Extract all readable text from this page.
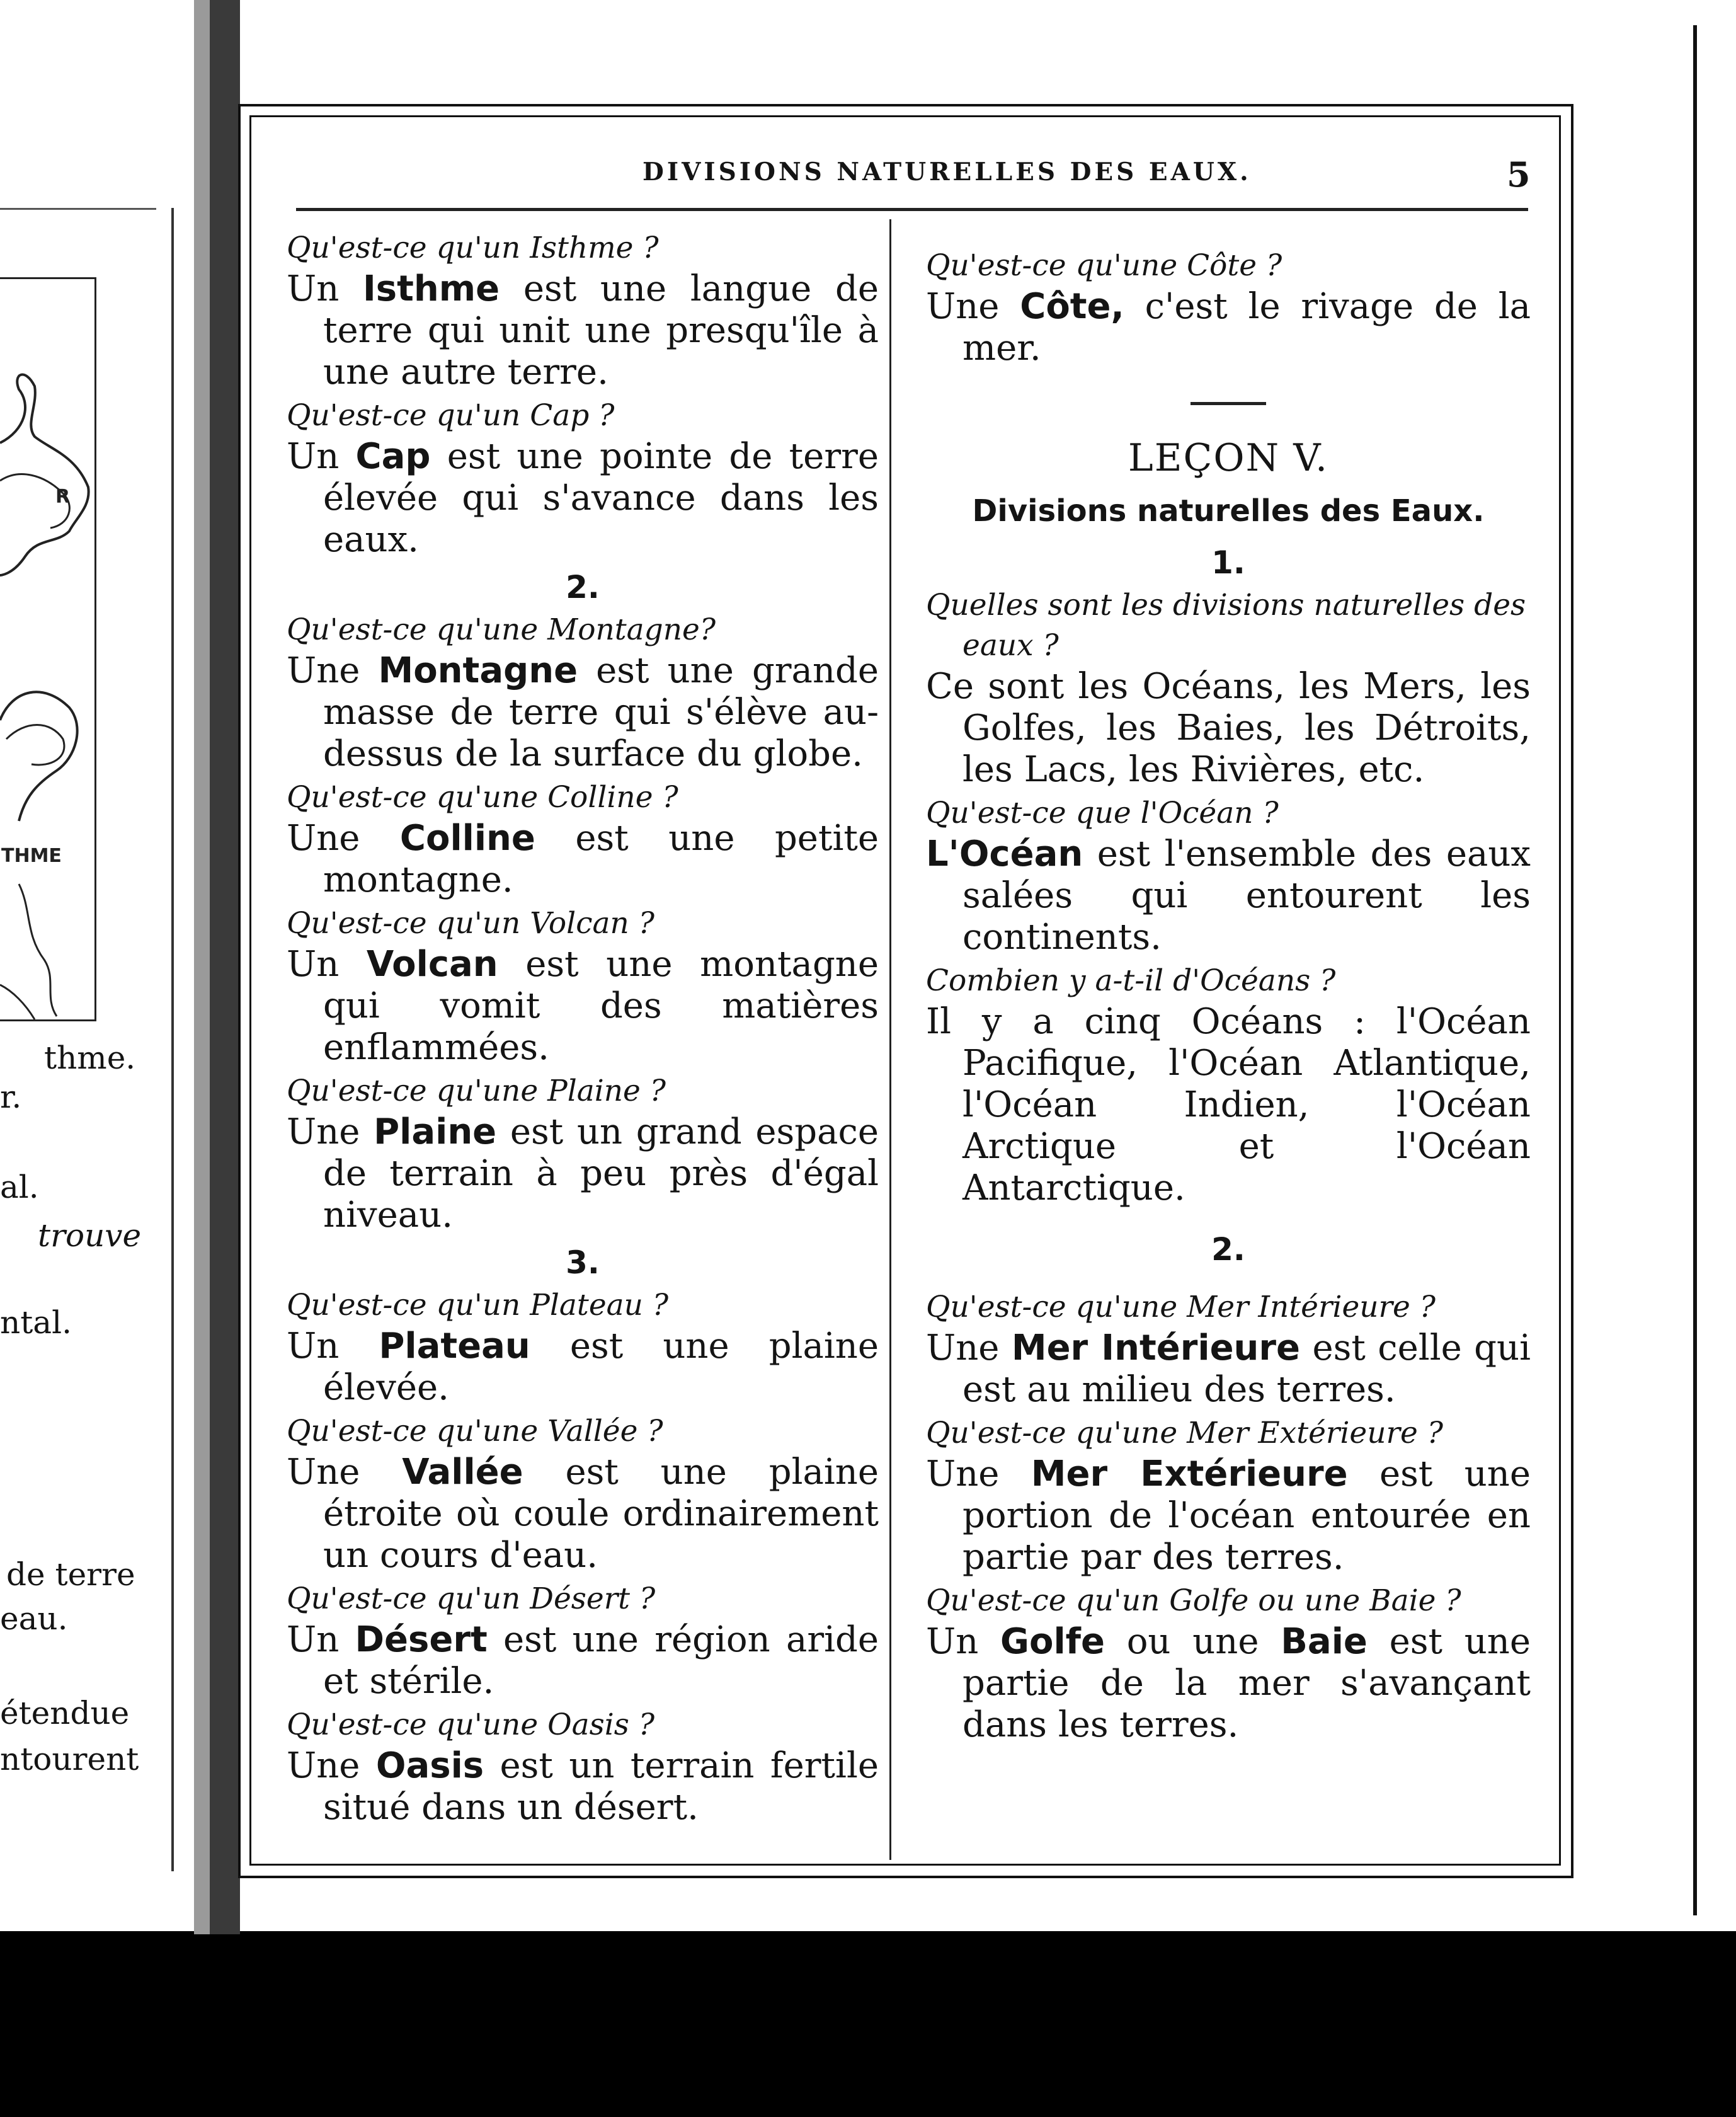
R
THME
thme.
r.
al.
trouve
ntal.
de terre
eau.
étendue
ntourent
DIVISIONS NATURELLES DES EAUX.	5

Qu'est-ce qu'un Isthme ?

Un Isthme est une langue de terre qui unit une presqu'île à une autre terre.

Qu'est-ce qu'un Cap ?

Un Cap est une pointe de terre élevée qui s'avance dans les eaux.

2.

Qu'est-ce qu'une Montagne?

Une Montagne est une grande masse de terre qui s'élève au-dessus de la surface du globe.

Qu'est-ce qu'une Colline ?

Une Colline est une petite montagne.

Qu'est-ce qu'un Volcan ?

Un Volcan est une montagne qui vomit des matières enflammées.

Qu'est-ce qu'une Plaine ?

Une Plaine est un grand espace de terrain à peu près d'égal niveau.

3.

Qu'est-ce qu'un Plateau ?

Un Plateau est une plaine élevée.

Qu'est-ce qu'une Vallée ?

Une Vallée est une plaine étroite où coule ordinairement un cours d'eau.

Qu'est-ce qu'un Désert ?

Un Désert est une région aride et stérile.

Qu'est-ce qu'une Oasis ?

Une Oasis est un terrain fertile situé dans un désert.

Qu'est-ce qu'une Côte ?

Une Côte, c'est le rivage de la mer.

LEÇON V.

Divisions naturelles des Eaux.

1.

Quelles sont les divisions naturelles des eaux ?

Ce sont les Océans, les Mers, les Golfes, les Baies, les Détroits, les Lacs, les Rivières, etc.

Qu'est-ce que l'Océan ?

L'Océan est l'ensemble des eaux salées qui entourent les continents.

Combien y a-t-il d'Océans ?

Il y a cinq Océans : l'Océan Pacifique, l'Océan Atlantique, l'Océan Indien, l'Océan Arctique et l'Océan Antarctique.

2.

Qu'est-ce qu'une Mer Intérieure ?

Une Mer Intérieure est celle qui est au milieu des terres.

Qu'est-ce qu'une Mer Extérieure ?

Une Mer Extérieure est une portion de l'océan entourée en partie par des terres.

Qu'est-ce qu'un Golfe ou une Baie ?

Un Golfe ou une Baie est une partie de la mer s'avançant dans les terres.
